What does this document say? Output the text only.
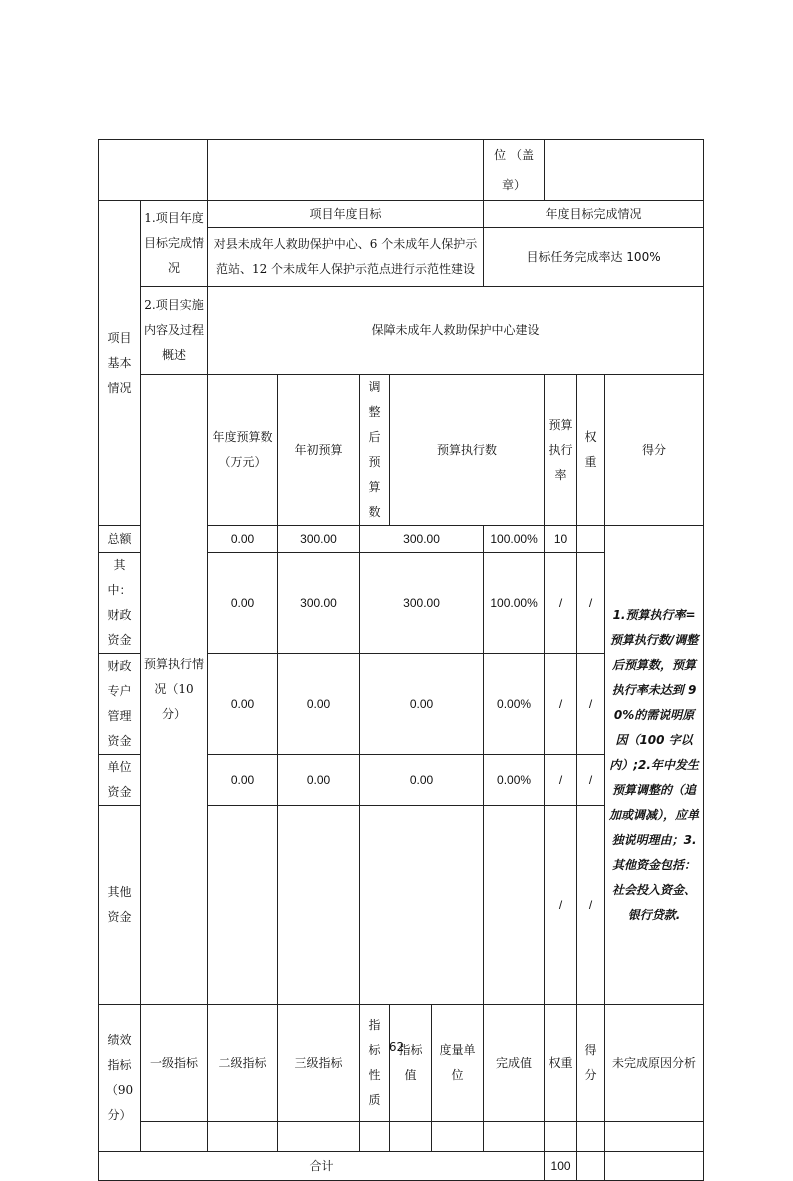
							位 （盖章）				
项目基本情况	1.项目年度目标完成情况	项目年度目标					年度目标完成情况				
		对县未成年人救助保护中心、6 个未成年人保护示范站、12 个未成年人保护示范点进行示范性建设					目标任务完成率达 100%				
	2.项目实施内容及过程概述	保障未成年人救助保护中心建设									
	预算执行情况（10 分）	年度预算数（万元）	年初预算	调整后预算数	预算执行数			预算执行率	权重	得分	
总额		0.00	300.00	300.00			100.00%	10		1.预算执行率=预算执行数/调整后预算数，预算执行率未达到 90%的需说明原因（100 字以内）;2.年中发生预算调整的（追加或调减），应单独说明理由；3.其他资金包括：社会投入资金、银行贷款.	
其中：财政资金		0.00	300.00	300.00			100.00%	/	/		
财政专户管理资金		0.00	0.00	0.00			0.00%	/	/		
单位资金		0.00	0.00	0.00			0.00%	/	/		
其他资金								/	/		
绩效指标（90 分）	一级指标	二级指标	三级指标	指标性质	指标值	度量单位	完成值	权重	得分	未完成原因分析	

合计								100			
62
